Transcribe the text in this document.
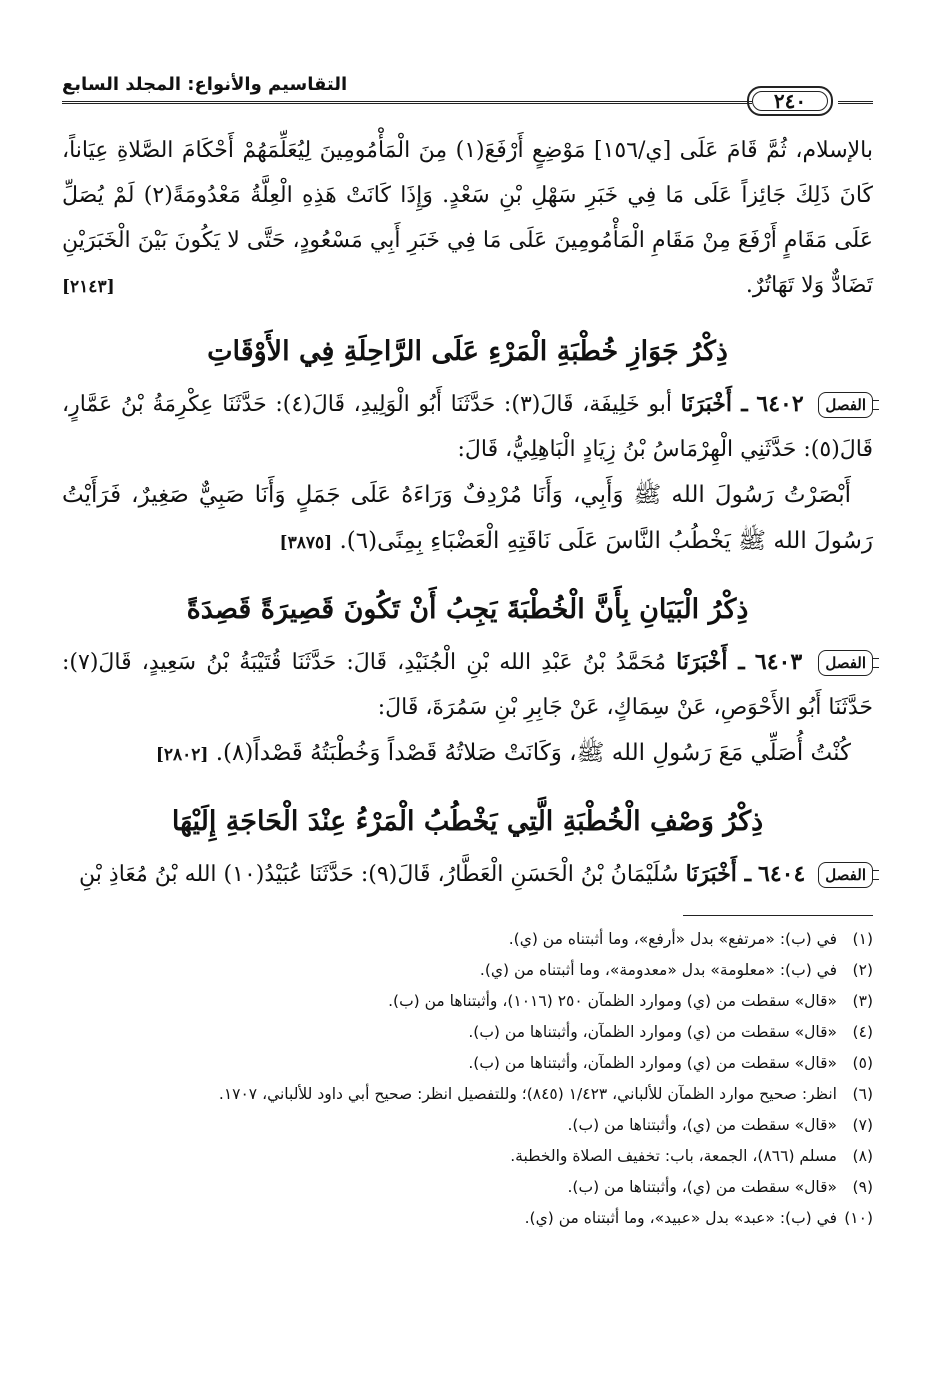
٢٤٠
التقاسيم والأنواع: المجلد السابع

بالإسلام، ثُمَّ قَامَ عَلَى [ي/١٥٦] مَوْضِعٍ أَرْفَعَ(١) مِنَ الْمَأْمُومِينَ لِيُعَلِّمَهُمْ أَحْكَامَ الصَّلاةِ عِيَاناً، كَانَ ذَلِكَ جَائِزاً عَلَى مَا فِي خَبَرِ سَهْلِ بْنِ سَعْدٍ. وَإِذَا كَانَتْ هَذِهِ الْعِلَّةُ مَعْدُومَةً(٢) لَمْ يُصَلِّ عَلَى مَقَامٍ أَرْفَعَ مِنْ مَقَامِ الْمَأْمُومِينَ عَلَى مَا فِي خَبَرِ أَبِي مَسْعُودٍ، حَتَّى لا يَكُونَ بَيْنَ الْخَبَرَيْنِ تَضَادٌّ وَلا تَهَاتُرٌ.
[٢١٤٣]

ذِكْرُ جَوَازِ خُطْبَةِ الْمَرْءِ عَلَى الرَّاحِلَةِ فِي الأَوْقَاتِ

الفصل ٦٤٠٢ ـ أَخْبَرَنَا أبو خَلِيفَة، قَالَ(٣): حَدَّثَنَا أَبُو الْوَلِيدِ، قَالَ(٤): حَدَّثَنَا عِكْرِمَةُ بْنُ عَمَّارٍ، قَالَ(٥): حَدَّثَنِي الْهِرْمَاسُ بْنُ زِيَادٍ الْبَاهِلِيُّ، قَالَ:

أَبْصَرْتُ رَسُولَ الله ﷺ وَأَبِي، وَأَنَا مُرْدِفٌ وَرَاءَهُ عَلَى جَمَلٍ وَأَنَا صَبِيٌّ صَغِيرٌ، فَرَأَيْتُ رَسُولَ الله ﷺ يَخْطُبُ النَّاسَ عَلَى نَاقَتِهِ الْعَضْبَاءِ بِمِنًى(٦). [٣٨٧٥]

ذِكْرُ الْبَيَانِ بِأَنَّ الْخُطْبَةَ يَجِبُ أَنْ تَكُونَ قَصِيرَةً قَصِدَةً

الفصل ٦٤٠٣ ـ أَخْبَرَنَا مُحَمَّدُ بْنُ عَبْدِ الله بْنِ الْجُنَيْدِ، قَالَ: حَدَّثَنَا قُتَيْبَةُ بْنُ سَعِيدٍ، قَالَ(٧): حَدَّثَنَا أَبُو الأَحْوَصِ، عَنْ سِمَاكٍ، عَنْ جَابِرِ بْنِ سَمُرَةَ، قَالَ:

كُنْتُ أُصَلِّي مَعَ رَسُولِ الله ﷺ، وَكَانَتْ صَلاتُهُ قَصْداً وَخُطْبَتُهُ قَصْداً(٨). [٢٨٠٢]

ذِكْرُ وَصْفِ الْخُطْبَةِ الَّتِي يَخْطُبُ الْمَرْءُ عِنْدَ الْحَاجَةِ إِلَيْهَا

الفصل ٦٤٠٤ ـ أَخْبَرَنَا سُلَيْمَانُ بْنُ الْحَسَنِ الْعَطَّارُ، قَالَ(٩): حَدَّثَنَا عُبَيْدُ(١٠) الله بْنُ مُعَاذِ بْنِ

(١)
في (ب): «مرتفع» بدل «أرفع»، وما أثبتناه من (ي).
(٢)
في (ب): «معلومة» بدل «معدومة»، وما أثبتناه من (ي).
(٣)
«قال» سقطت من (ي) وموارد الظمآن ٢٥٠ (١٠١٦)، وأثبتناها من (ب).
(٤)
«قال» سقطت من (ي) وموارد الظمآن، وأثبتناها من (ب).
(٥)
«قال» سقطت من (ي) وموارد الظمآن، وأثبتناها من (ب).
(٦)
انظر: صحيح موارد الظمآن للألباني، ١/٤٢٣ (٨٤٥)؛ وللتفصيل انظر: صحيح أبي داود للألباني، ١٧٠٧.
(٧)
«قال» سقطت من (ي)، وأثبتناها من (ب).
(٨)
مسلم (٨٦٦)، الجمعة، باب: تخفيف الصلاة والخطبة.
(٩)
«قال» سقطت من (ي)، وأثبتناها من (ب).
(١٠)
في (ب): «عبد» بدل «عبيد»، وما أثبتناه من (ي).
